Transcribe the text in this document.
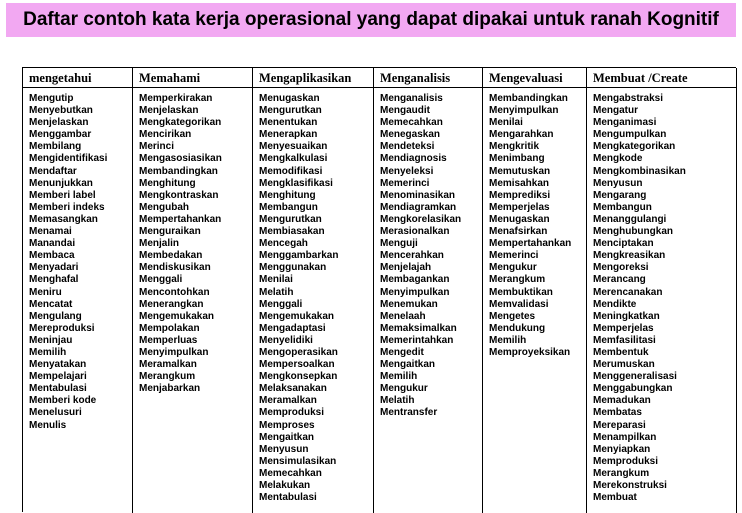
Daftar contoh kata kerja operasional yang dapat dipakai untuk ranah Kognitif
mengetahui
Mengutip
Menyebutkan
Menjelaskan
Menggambar
Membilang
Mengidentifikasi
Mendaftar
Menunjukkan
Memberi label
Memberi indeks
Memasangkan
Menamai
Manandai
Membaca
Menyadari
Menghafal
Meniru
Mencatat
Mengulang
Mereproduksi
Meninjau
Memilih
Menyatakan
Mempelajari
Mentabulasi
Memberi kode
Menelusuri
Menulis
Memahami
Memperkirakan
Menjelaskan
Mengkategorikan
Mencirikan
Merinci
Mengasosiasikan
Membandingkan
Menghitung
Mengkontraskan
Mengubah
Mempertahankan
Menguraikan
Menjalin
Membedakan
Mendiskusikan
Menggali
Mencontohkan
Menerangkan
Mengemukakan
Mempolakan
Memperluas
Menyimpulkan
Meramalkan
Merangkum
Menjabarkan
Mengaplikasikan
Menugaskan
Mengurutkan
Menentukan
Menerapkan
Menyesuaikan
Mengkalkulasi
Memodifikasi
Mengklasifikasi
Menghitung
Membangun
Mengurutkan
Membiasakan
Mencegah
Menggambarkan
Menggunakan
Menilai
Melatih
Menggali
Mengemukakan
Mengadaptasi
Menyelidiki
Mengoperasikan
Mempersoalkan
Mengkonsepkan
Melaksanakan
Meramalkan
Memproduksi
Memproses
Mengaitkan
Menyusun
Mensimulasikan
Memecahkan
Melakukan
Mentabulasi
Menganalisis
Menganalisis
Mengaudit
Memecahkan
Menegaskan
Mendeteksi
Mendiagnosis
Menyeleksi
Memerinci
Menominasikan
Mendiagramkan
Mengkorelasikan
Merasionalkan
Menguji
Mencerahkan
Menjelajah
Membagankan
Menyimpulkan
Menemukan
Menelaah
Memaksimalkan
Memerintahkan
Mengedit
Mengaitkan
Memilih
Mengukur
Melatih
Mentransfer
Mengevaluasi
Membandingkan
Menyimpulkan
Menilai
Mengarahkan
Mengkritik
Menimbang
Memutuskan
Memisahkan
Memprediksi
Memperjelas
Menugaskan
Menafsirkan
Mempertahankan
Memerinci
Mengukur
Merangkum
Membuktikan
Memvalidasi
Mengetes
Mendukung
Memilih
Memproyeksikan
Membuat /Create
Mengabstraksi
Mengatur
Menganimasi
Mengumpulkan
Mengkategorikan
Mengkode
Mengkombinasikan
Menyusun
Mengarang
Membangun
Menanggulangi
Menghubungkan
Menciptakan
Mengkreasikan
Mengoreksi
Merancang
Merencanakan
Mendikte
Meningkatkan
Memperjelas
Memfasilitasi
Membentuk
Merumuskan
Menggeneralisasi
Menggabungkan
Memadukan
Membatas
Mereparasi
Menampilkan
Menyiapkan
Memproduksi
Merangkum
Merekonstruksi
Membuat
